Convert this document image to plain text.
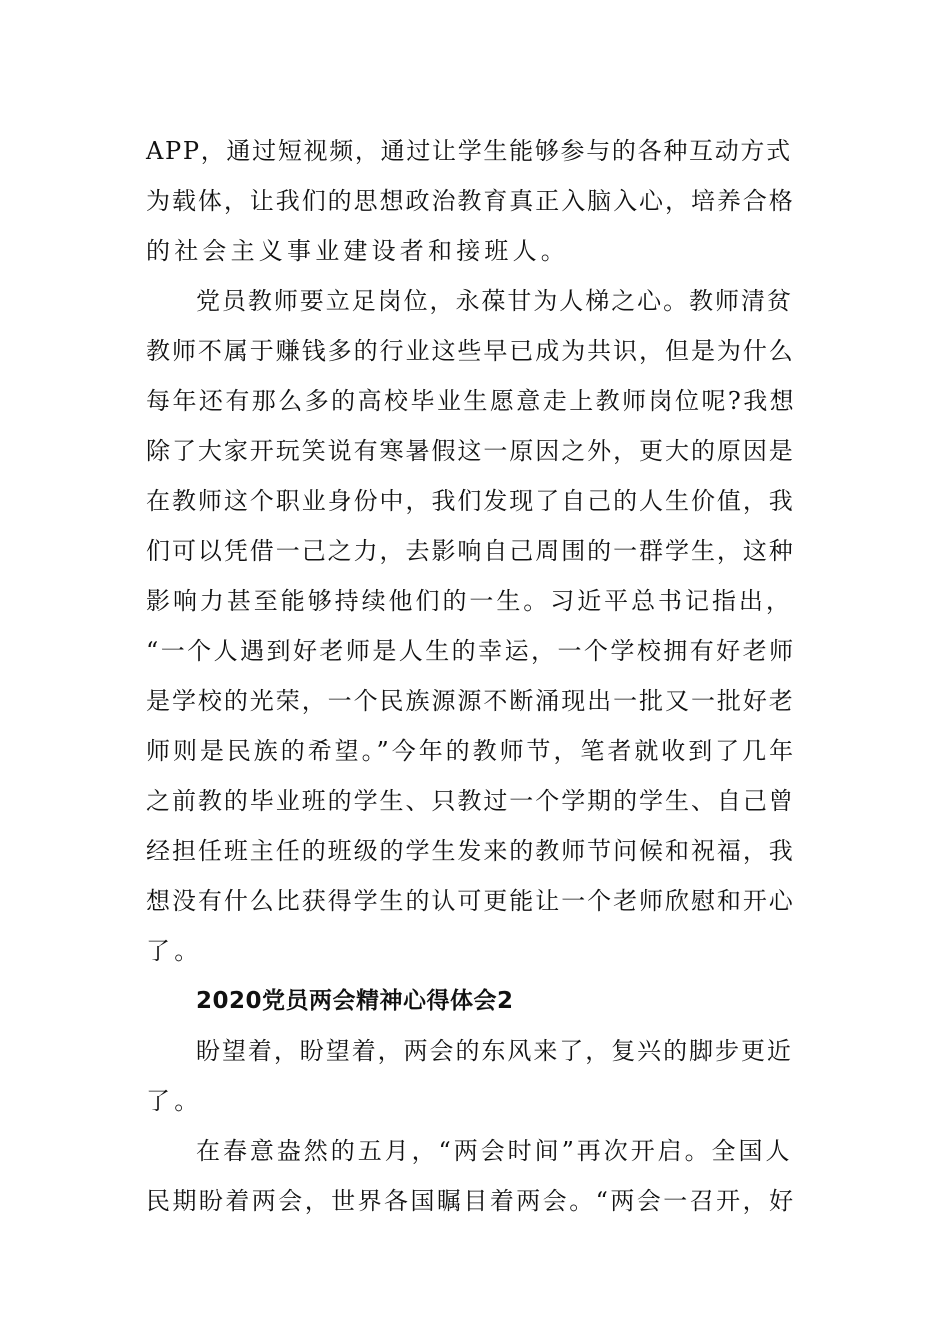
APP，通过短视频，通过让学生能够参与的各种互动方式
为载体，让我们的思想政治教育真正入脑入心，培养合格
的社会主义事业建设者和接班人。
党员教师要立足岗位，永葆甘为人梯之心。教师清贫
教师不属于赚钱多的行业这些早已成为共识，但是为什么
每年还有那么多的高校毕业生愿意走上教师岗位呢?我想
除了大家开玩笑说有寒暑假这一原因之外，更大的原因是
在教师这个职业身份中，我们发现了自己的人生价值，我
们可以凭借一己之力，去影响自己周围的一群学生，这种
影响力甚至能够持续他们的一生。习近平总书记指出，
“一个人遇到好老师是人生的幸运，一个学校拥有好老师
是学校的光荣，一个民族源源不断涌现出一批又一批好老
师则是民族的希望。”今年的教师节，笔者就收到了几年
之前教的毕业班的学生、只教过一个学期的学生、自己曾
经担任班主任的班级的学生发来的教师节问候和祝福，我
想没有什么比获得学生的认可更能让一个老师欣慰和开心
了。
2020党员两会精神心得体会2
盼望着，盼望着，两会的东风来了，复兴的脚步更近
了。
在春意盎然的五月，“两会时间”再次开启。全国人
民期盼着两会，世界各国瞩目着两会。“两会一召开，好
